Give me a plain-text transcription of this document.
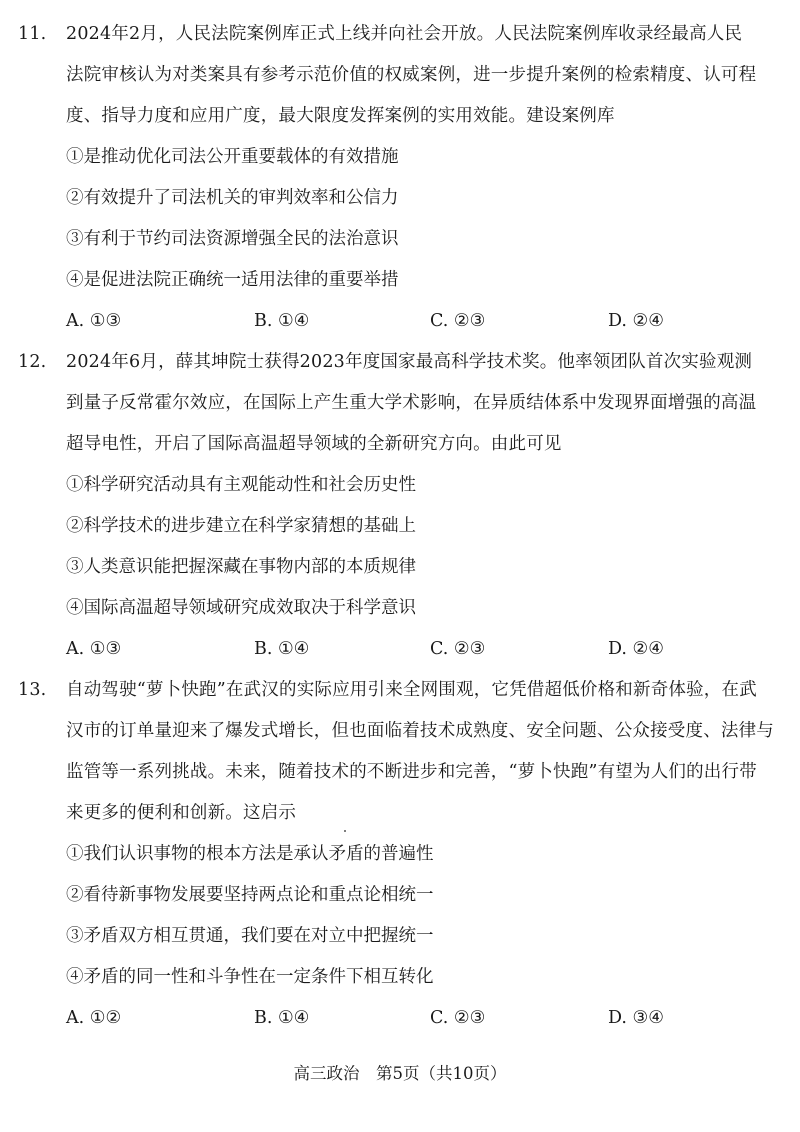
11. 2024年2月，人民法院案例库正式上线并向社会开放。人民法院案例库收录经最高人民
法院审核认为对类案具有参考示范价值的权威案例，进一步提升案例的检索精度、认可程
度、指导力度和应用广度，最大限度发挥案例的实用效能。建设案例库
①是推动优化司法公开重要载体的有效措施
②有效提升了司法机关的审判效率和公信力
③有利于节约司法资源增强全民的法治意识
④是促进法院正确统一适用法律的重要举措
A. ①③	B. ①④	C. ②③	D. ②④
12. 2024年6月，薛其坤院士获得2023年度国家最高科学技术奖。他率领团队首次实验观测
到量子反常霍尔效应，在国际上产生重大学术影响，在异质结体系中发现界面增强的高温
超导电性，开启了国际高温超导领域的全新研究方向。由此可见
①科学研究活动具有主观能动性和社会历史性
②科学技术的进步建立在科学家猜想的基础上
③人类意识能把握深藏在事物内部的本质规律
④国际高温超导领域研究成效取决于科学意识
A. ①③	B. ①④	C. ②③	D. ②④
13. 自动驾驶“萝卜快跑”在武汉的实际应用引来全网围观，它凭借超低价格和新奇体验，在武
汉市的订单量迎来了爆发式增长，但也面临着技术成熟度、安全问题、公众接受度、法律与
监管等一系列挑战。未来，随着技术的不断进步和完善，“萝卜快跑”有望为人们的出行带
来更多的便利和创新。这启示
①我们认识事物的根本方法是承认矛盾的普遍性
②看待新事物发展要坚持两点论和重点论相统一
③矛盾双方相互贯通，我们要在对立中把握统一
④矛盾的同一性和斗争性在一定条件下相互转化
A. ①②	B. ①④	C. ②③	D. ③④
高三政治　第5页（共10页）
